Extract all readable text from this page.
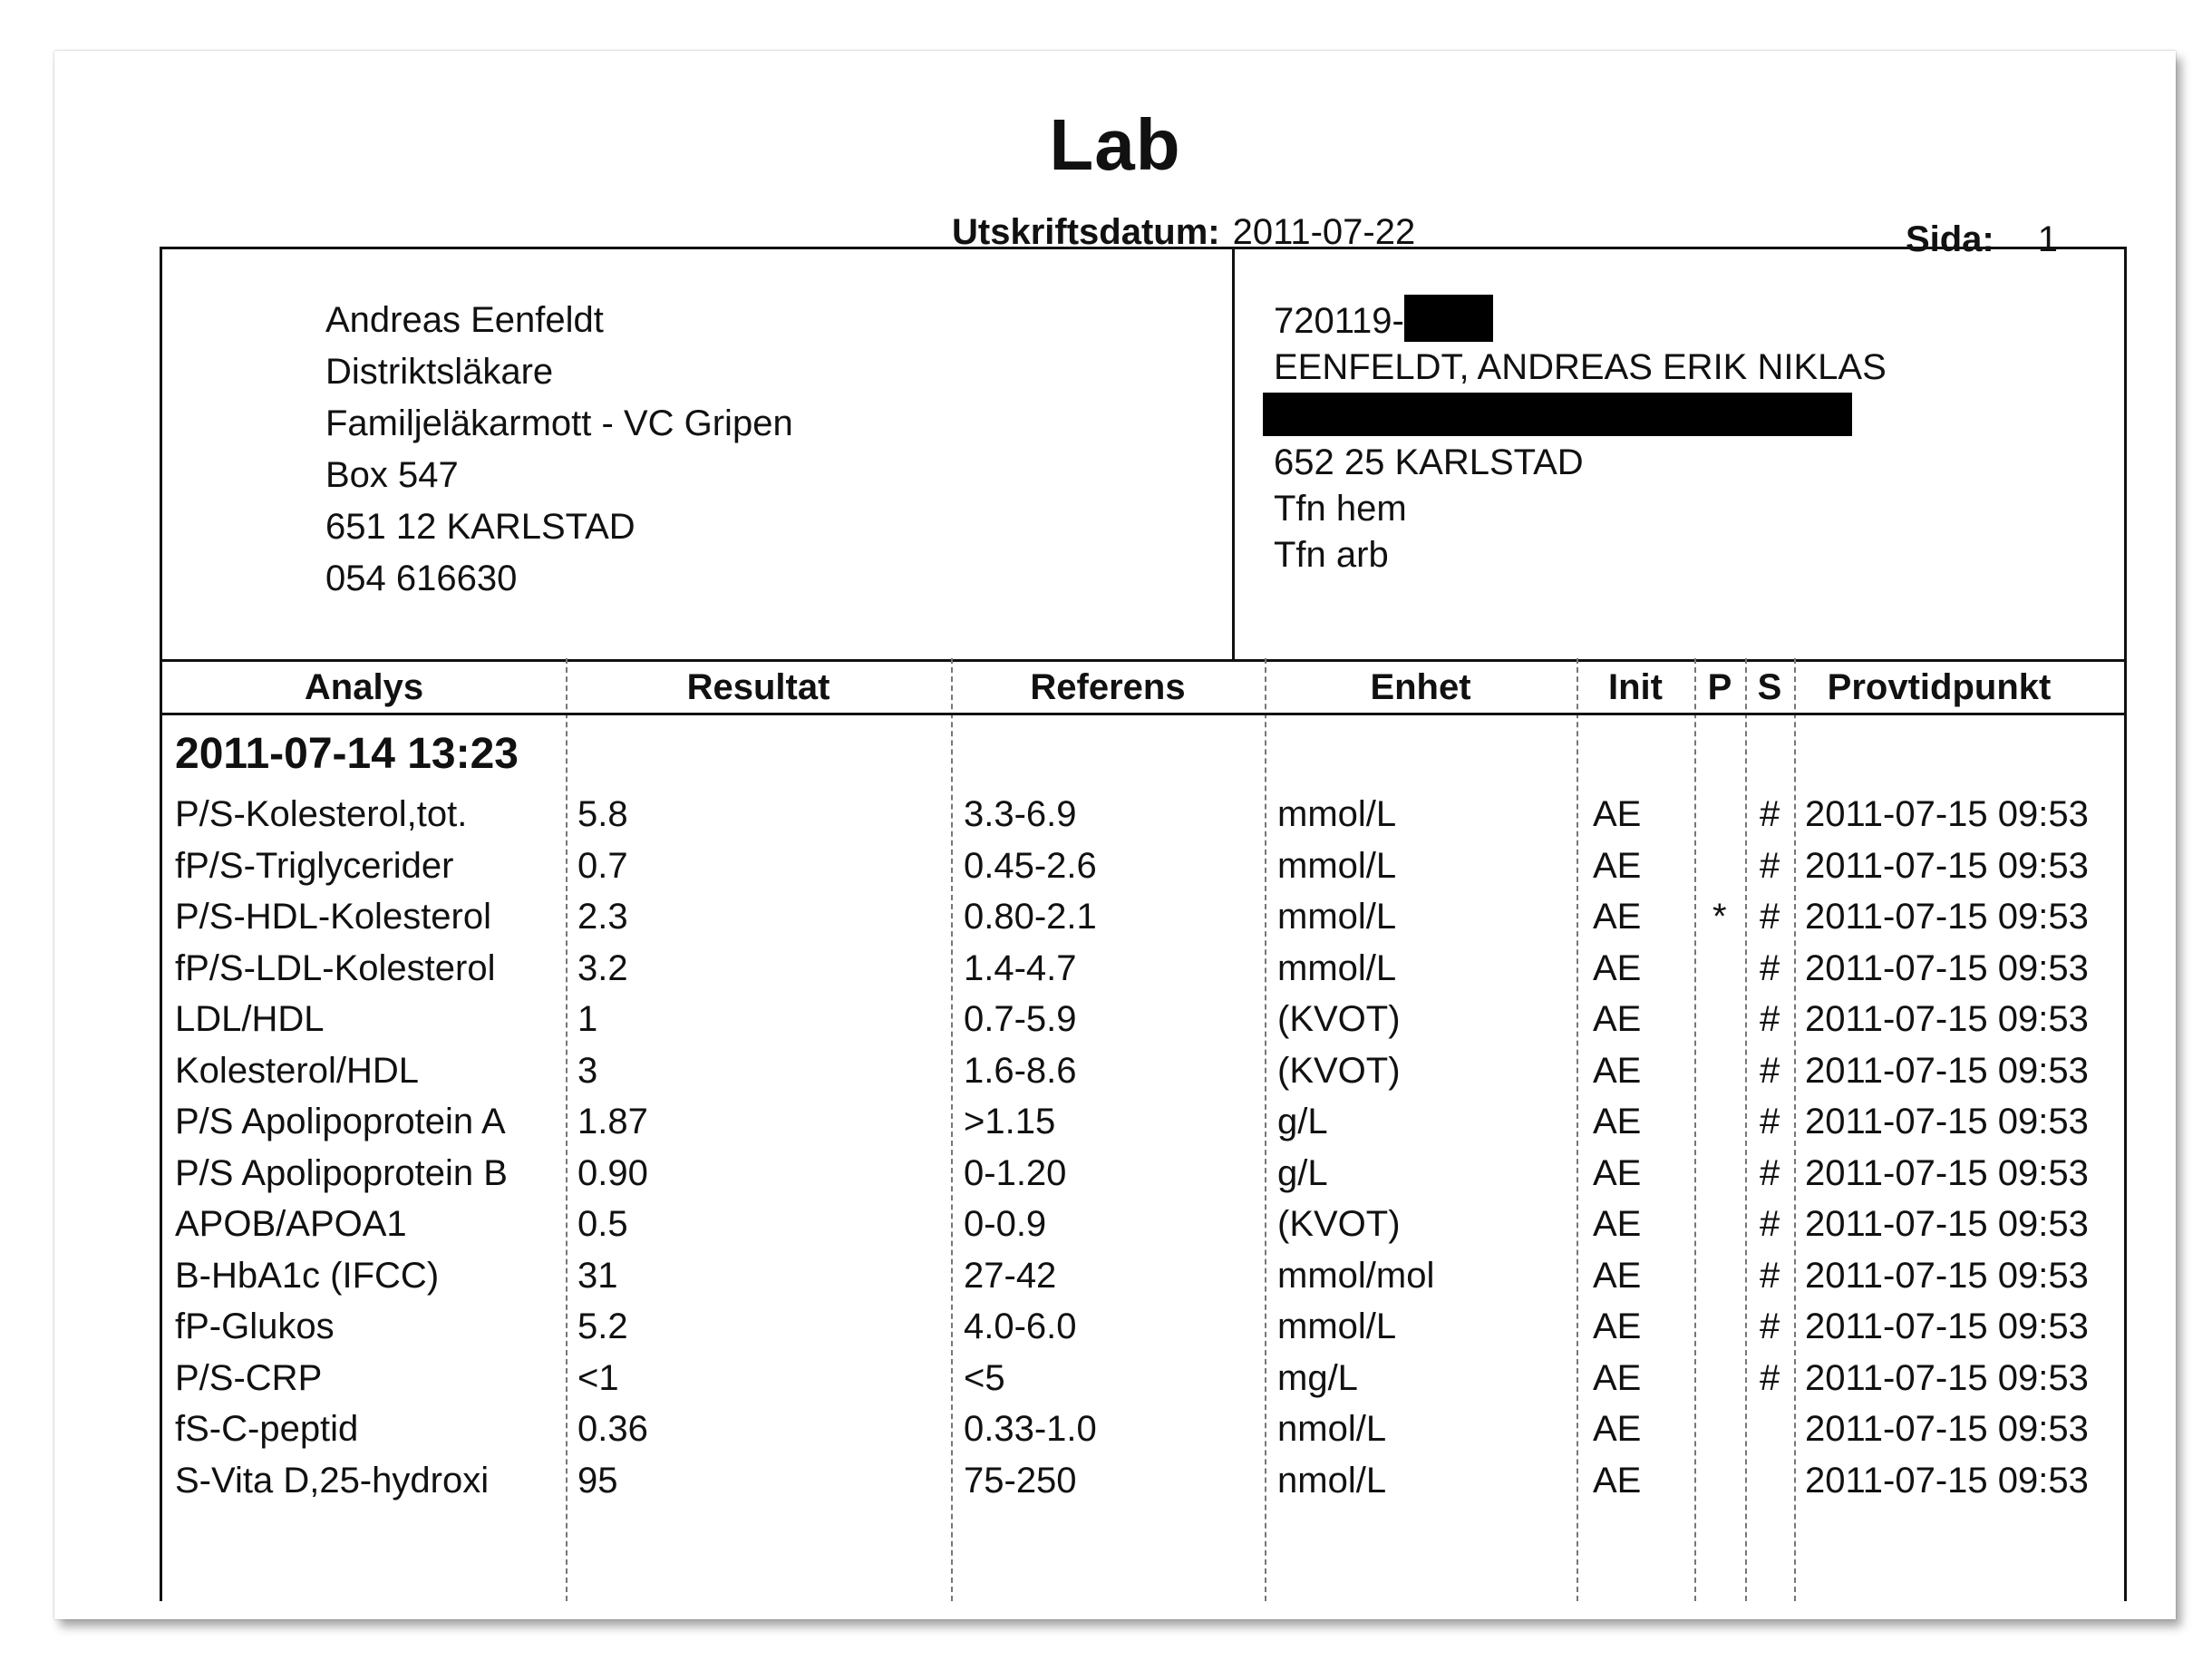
Lab
Utskriftsdatum: 2011-07-22	Sida: 1
Andreas Eenfeldt
Distriktsläkare
Familjeläkarmott - VC Gripen
Box 547
651 12 KARLSTAD
054 616630
720119-
EENFELDT, ANDREAS ERIK NIKLAS
652 25 KARLSTAD
Tfn hem
Tfn arb
Analys	Resultat	Referens	Enhet	Init	P S	Provtidpunkt
2011-07-14 13:23
P/S-Kolesterol,tot.	5.8	3.3-6.9	mmol/L	AE	# 2011-07-15 09:53
fP/S-Triglycerider	0.7	0.45-2.6	mmol/L	AE	# 2011-07-15 09:53
P/S-HDL-Kolesterol 2.3	0.80-2.1	mmol/L	AE * # 2011-07-15 09:53
fP/S-LDL-Kolesterol 3.2	1.4-4.7	mmol/L	AE	# 2011-07-15 09:53
LDL/HDL	1	0.7-5.9	(KVOT)	AE	# 2011-07-15 09:53
Kolesterol/HDL	3	1.6-8.6	(KVOT)	AE	# 2011-07-15 09:53
P/S Apolipoprotein A 1.87	>1.15	g/L	AE	# 2011-07-15 09:53
P/S Apolipoprotein B 0.90	0-1.20	g/L	AE	# 2011-07-15 09:53
APOB/APOA1	0.5	0-0.9	(KVOT)	AE	# 2011-07-15 09:53
B-HbA1c (IFCC)	31	27-42	mmol/mol	AE	# 2011-07-15 09:53
fP-Glukos	5.2	4.0-6.0	mmol/L	AE	# 2011-07-15 09:53
P/S-CRP	<1	<5	mg/L	AE	# 2011-07-15 09:53
fS-C-peptid	0.36	0.33-1.0	nmol/L	AE	2011-07-15 09:53
S-Vita D,25-hydroxi 95	75-250	nmol/L	AE	2011-07-15 09:53
